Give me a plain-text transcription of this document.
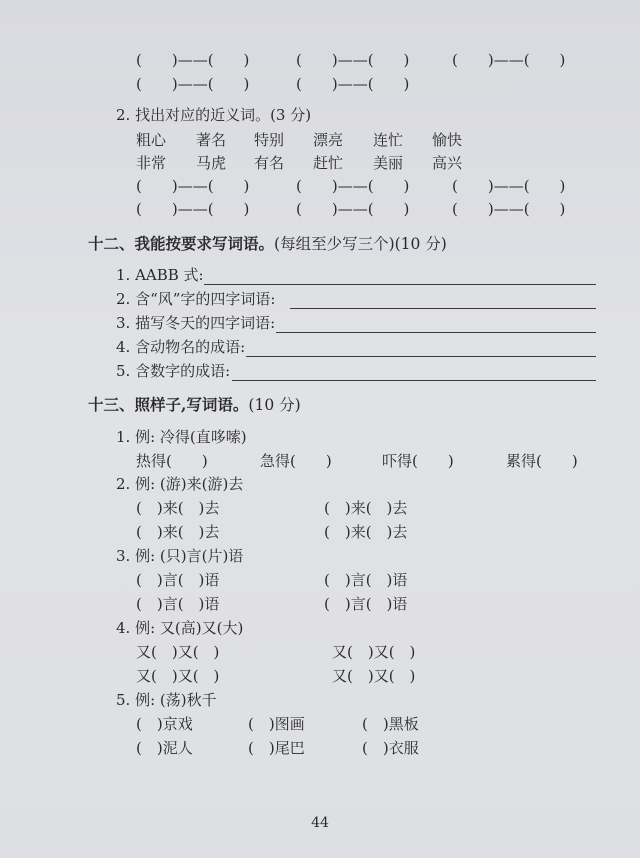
(　　)——(　　)	(　　)——(　　)	(　　)——(　　)
(　　)——(　　)	(　　)——(　　)
2. 找出对应的近义词。(3 分)
粗心 著名 特别 漂亮 连忙 愉快
非常 马虎 有名 赶忙 美丽 高兴
(　　)——(　　)	(　　)——(　　)	(　　)——(　　)
(　　)——(　　)	(　　)——(　　)	(　　)——(　　)
十二、我能按要求写词语。(每组至少写三个)(10 分)
1. AABB 式:
2. 含“风”字的四字词语:
3. 描写冬天的四字词语:
4. 含动物名的成语:
5. 含数字的成语:
十三、照样子,写词语。(10 分)
1. 例: 冷得(直哆嗦)
热得(　　)	急得(　　)	吓得(　　)	累得(　　)
2. 例: (游)来(游)去
(　)来(　)去	(　)来(　)去
(　)来(　)去	(　)来(　)去
3. 例: (只)言(片)语
(　)言(　)语	(　)言(　)语
(　)言(　)语	(　)言(　)语
4. 例: 又(高)又(大)
又(　)又(　)	又(　)又(　)
又(　)又(　)	又(　)又(　)
5. 例: (荡)秋千
(　)京戏	(　)图画	(　)黑板
(　)泥人	(　)尾巴	(　)衣服
44
